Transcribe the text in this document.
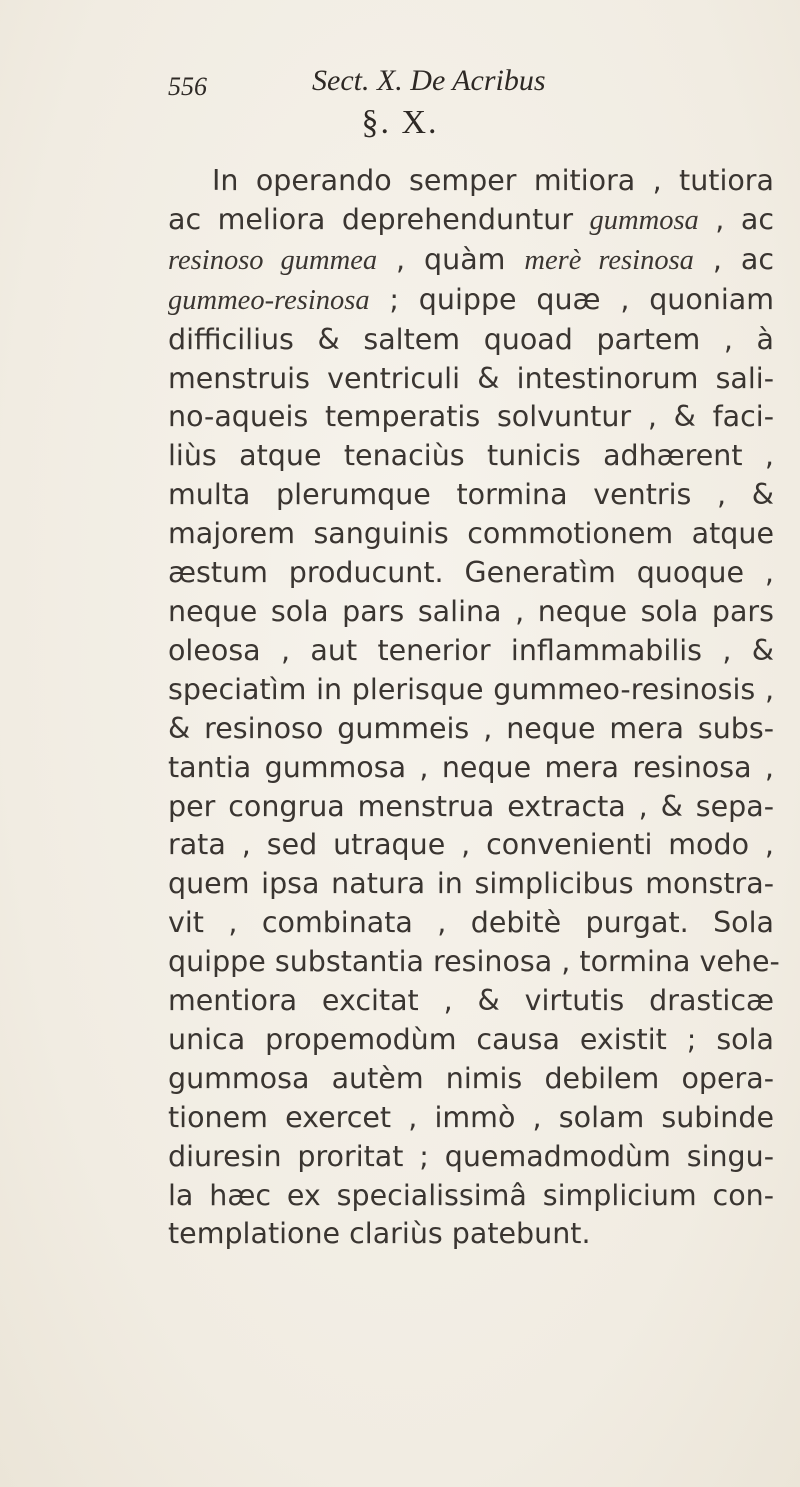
556	Sect. X. De Acribus
§. X.
In operando semper mitiora , tutiora
ac meliora deprehenduntur gummosa , ac
resinoso gummea , quàm merè resinosa , ac
gummeo-resinosa ; quippe quæ , quoniam
difficilius & saltem quoad partem , à
menstruis ventriculi & intestinorum sali-
no-aqueis temperatis solvuntur , & faci-
liùs atque tenaciùs tunicis adhærent ,
multa plerumque tormina ventris , &
majorem sanguinis commotionem atque
æstum producunt. Generatìm quoque ,
neque sola pars salina , neque sola pars
oleosa , aut tenerior inflammabilis , &
speciatìm in plerisque gummeo-resinosis ,
& resinoso gummeis , neque mera subs-
tantia gummosa , neque mera resinosa ,
per congrua menstrua extracta , & sepa-
rata , sed utraque , convenienti modo ,
quem ipsa natura in simplicibus monstra-
vit , combinata , debitè purgat. Sola
quippe substantia resinosa , tormina vehe-
mentiora excitat , & virtutis drasticæ
unica propemodùm causa existit ; sola
gummosa autèm nimis debilem opera-
tionem exercet , immò , solam subinde
diuresin proritat ; quemadmodùm singu-
la hæc ex specialissimâ simplicium con-
templatione clariùs patebunt.
